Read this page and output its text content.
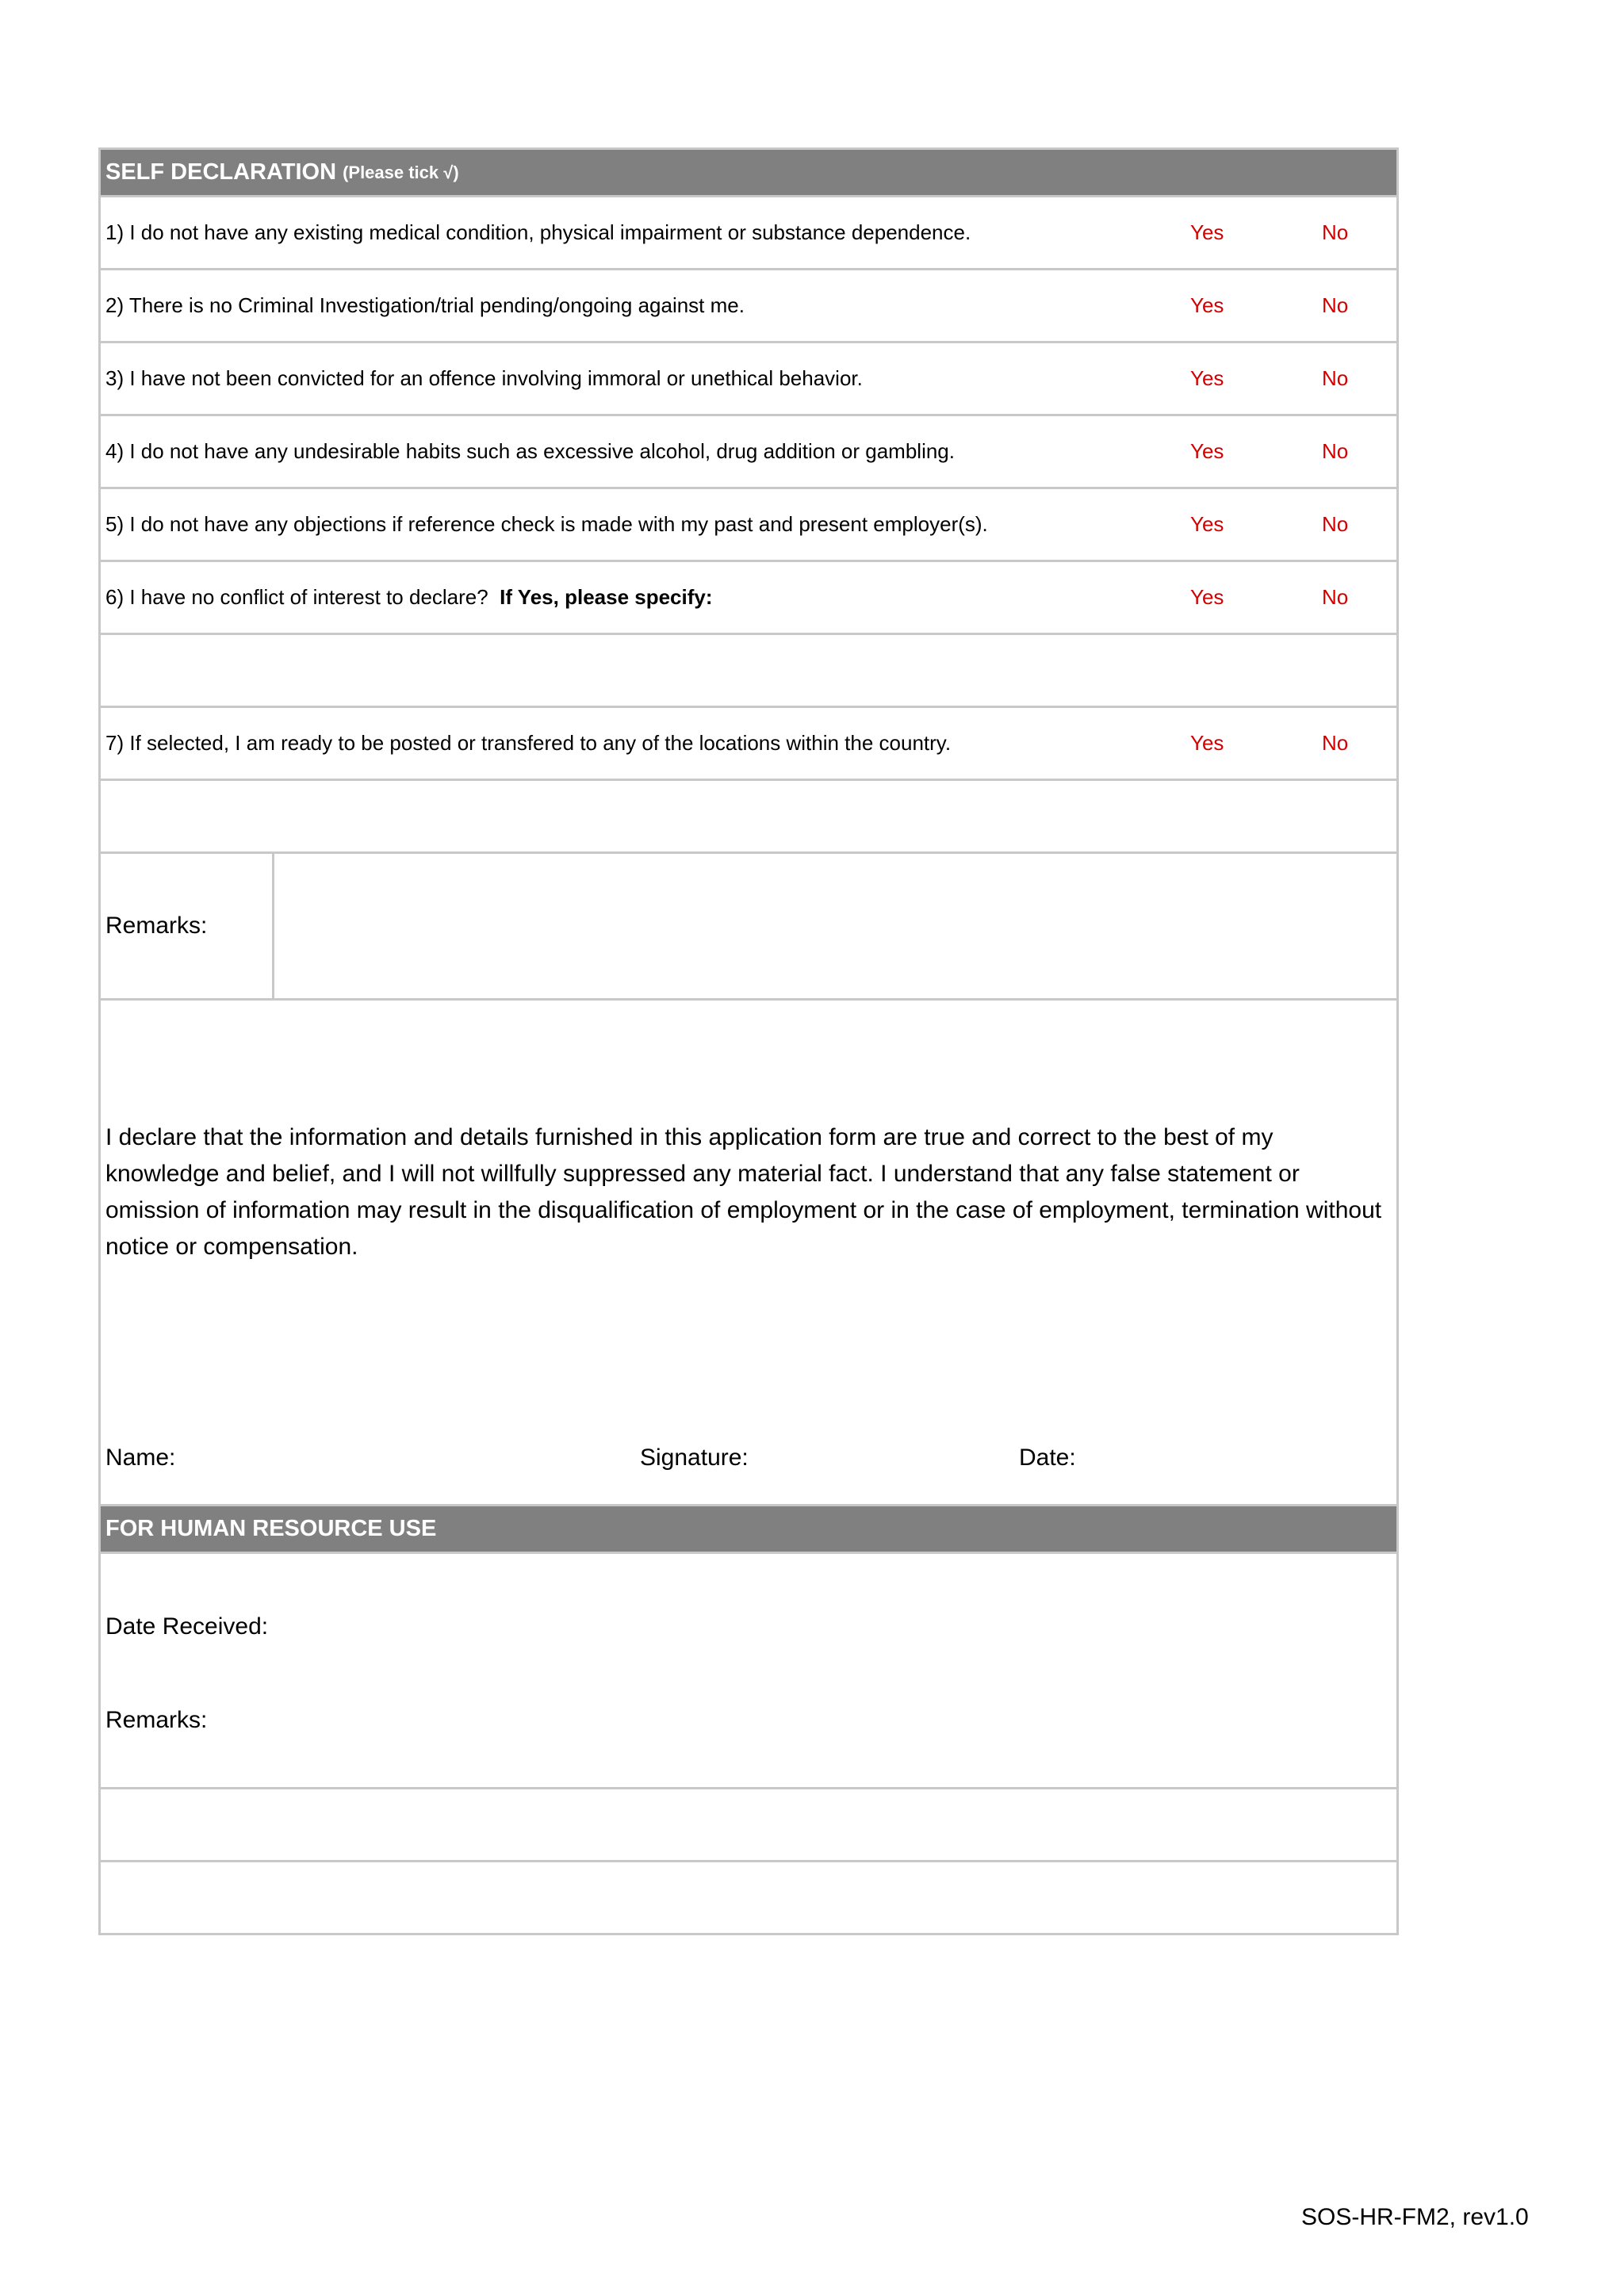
SELF DECLARATION (Please tick √)
1) I do not have any existing medical condition, physical impairment or substance dependence.	Yes	No
2) There is no Criminal Investigation/trial pending/ongoing against me.	Yes	No
3) I have not been convicted for an offence involving immoral or unethical behavior.	Yes	No
4) I do not have any undesirable habits such as excessive alcohol, drug addition or gambling.	Yes	No
5) I do not have any objections if reference check is made with my past and present employer(s).	Yes	No
6) I have no conflict of interest to declare? If Yes, please specify:	Yes	No
7) If selected, I am ready to be posted or transfered to any of the locations within the country.	Yes	No
Remarks:
I declare that the information and details furnished in this application form are true and correct to the best of my knowledge and belief, and I will not willfully suppressed any material fact. I understand that any false statement or omission of information may result in the disqualification of employment or in the case of employment, termination without notice or compensation.
Name:	Signature:	Date:
FOR HUMAN RESOURCE USE
Date Received:
Remarks:
SOS-HR-FM2, rev1.0
